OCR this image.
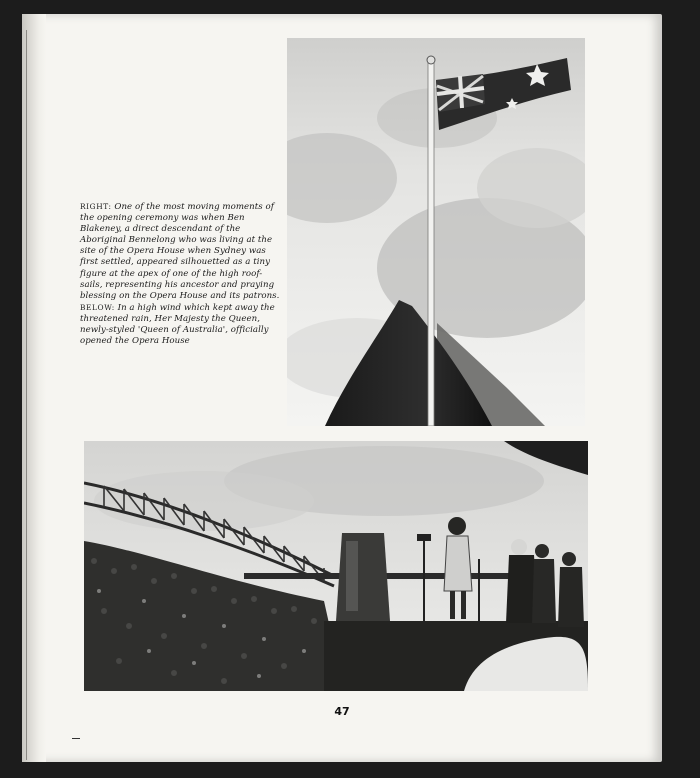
RIGHT: One of the most moving moments of the opening ceremony was when Ben Blakeney, a direct descendant of the Aboriginal Bennelong who was living at the site of the Opera House when Sydney was first settled, appeared silhouetted as a tiny figure at the apex of one of the high roof-sails, representing his ancestor and praying blessing on the Opera House and its patrons. BELOW: In a high wind which kept away the threatened rain, Her Majesty the Queen, newly-styled 'Queen of Australia', officially opened the Opera House
47
